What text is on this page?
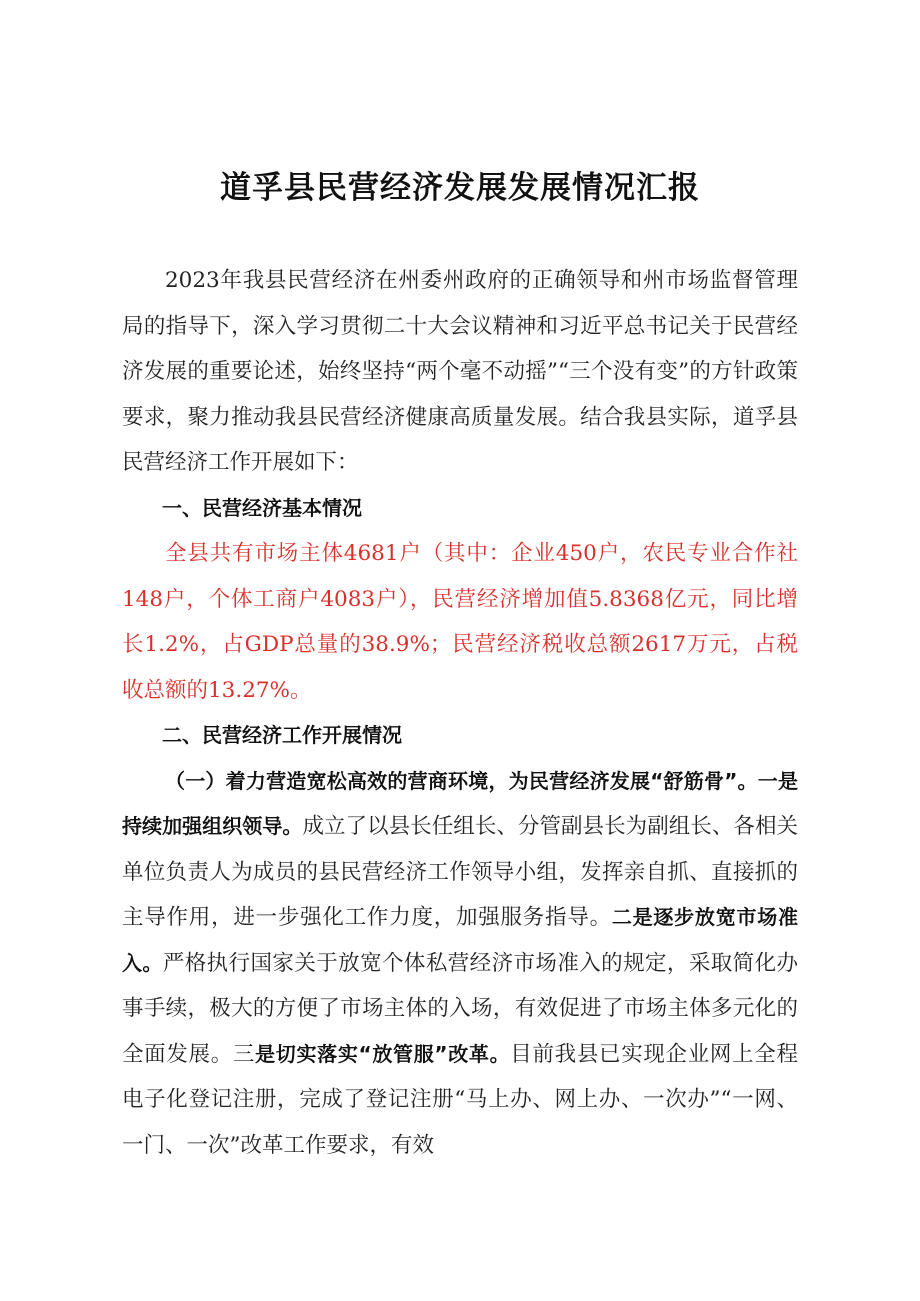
道孚县民营经济发展发展情况汇报

2023年我县民营经济在州委州政府的正确领导和州市场监督管理局的指导下，深入学习贯彻二十大会议精神和习近平总书记关于民营经济发展的重要论述，始终坚持“两个毫不动摇”“三个没有变”的方针政策要求，聚力推动我县民营经济健康高质量发展。结合我县实际，道孚县民营经济工作开展如下：

一、民营经济基本情况

全县共有市场主体4681户（其中：企业450户，农民专业合作社148户，个体工商户4083户），民营经济增加值5.8368亿元，同比增长1.2%，占GDP总量的38.9%；民营经济税收总额2617万元，占税收总额的13.27%。

二、民营经济工作开展情况

（一）着力营造宽松高效的营商环境，为民营经济发展“舒筋骨”。一是持续加强组织领导。成立了以县长任组长、分管副县长为副组长、各相关单位负责人为成员的县民营经济工作领导小组，发挥亲自抓、直接抓的主导作用，进一步强化工作力度，加强服务指导。二是逐步放宽市场准入。严格执行国家关于放宽个体私营经济市场准入的规定，采取简化办事手续，极大的方便了市场主体的入场，有效促进了市场主体多元化的全面发展。三是切实落实“放管服”改革。目前我县已实现企业网上全程电子化登记注册，完成了登记注册“马上办、网上办、一次办”“一网、一门、一次”改革工作要求，有效
